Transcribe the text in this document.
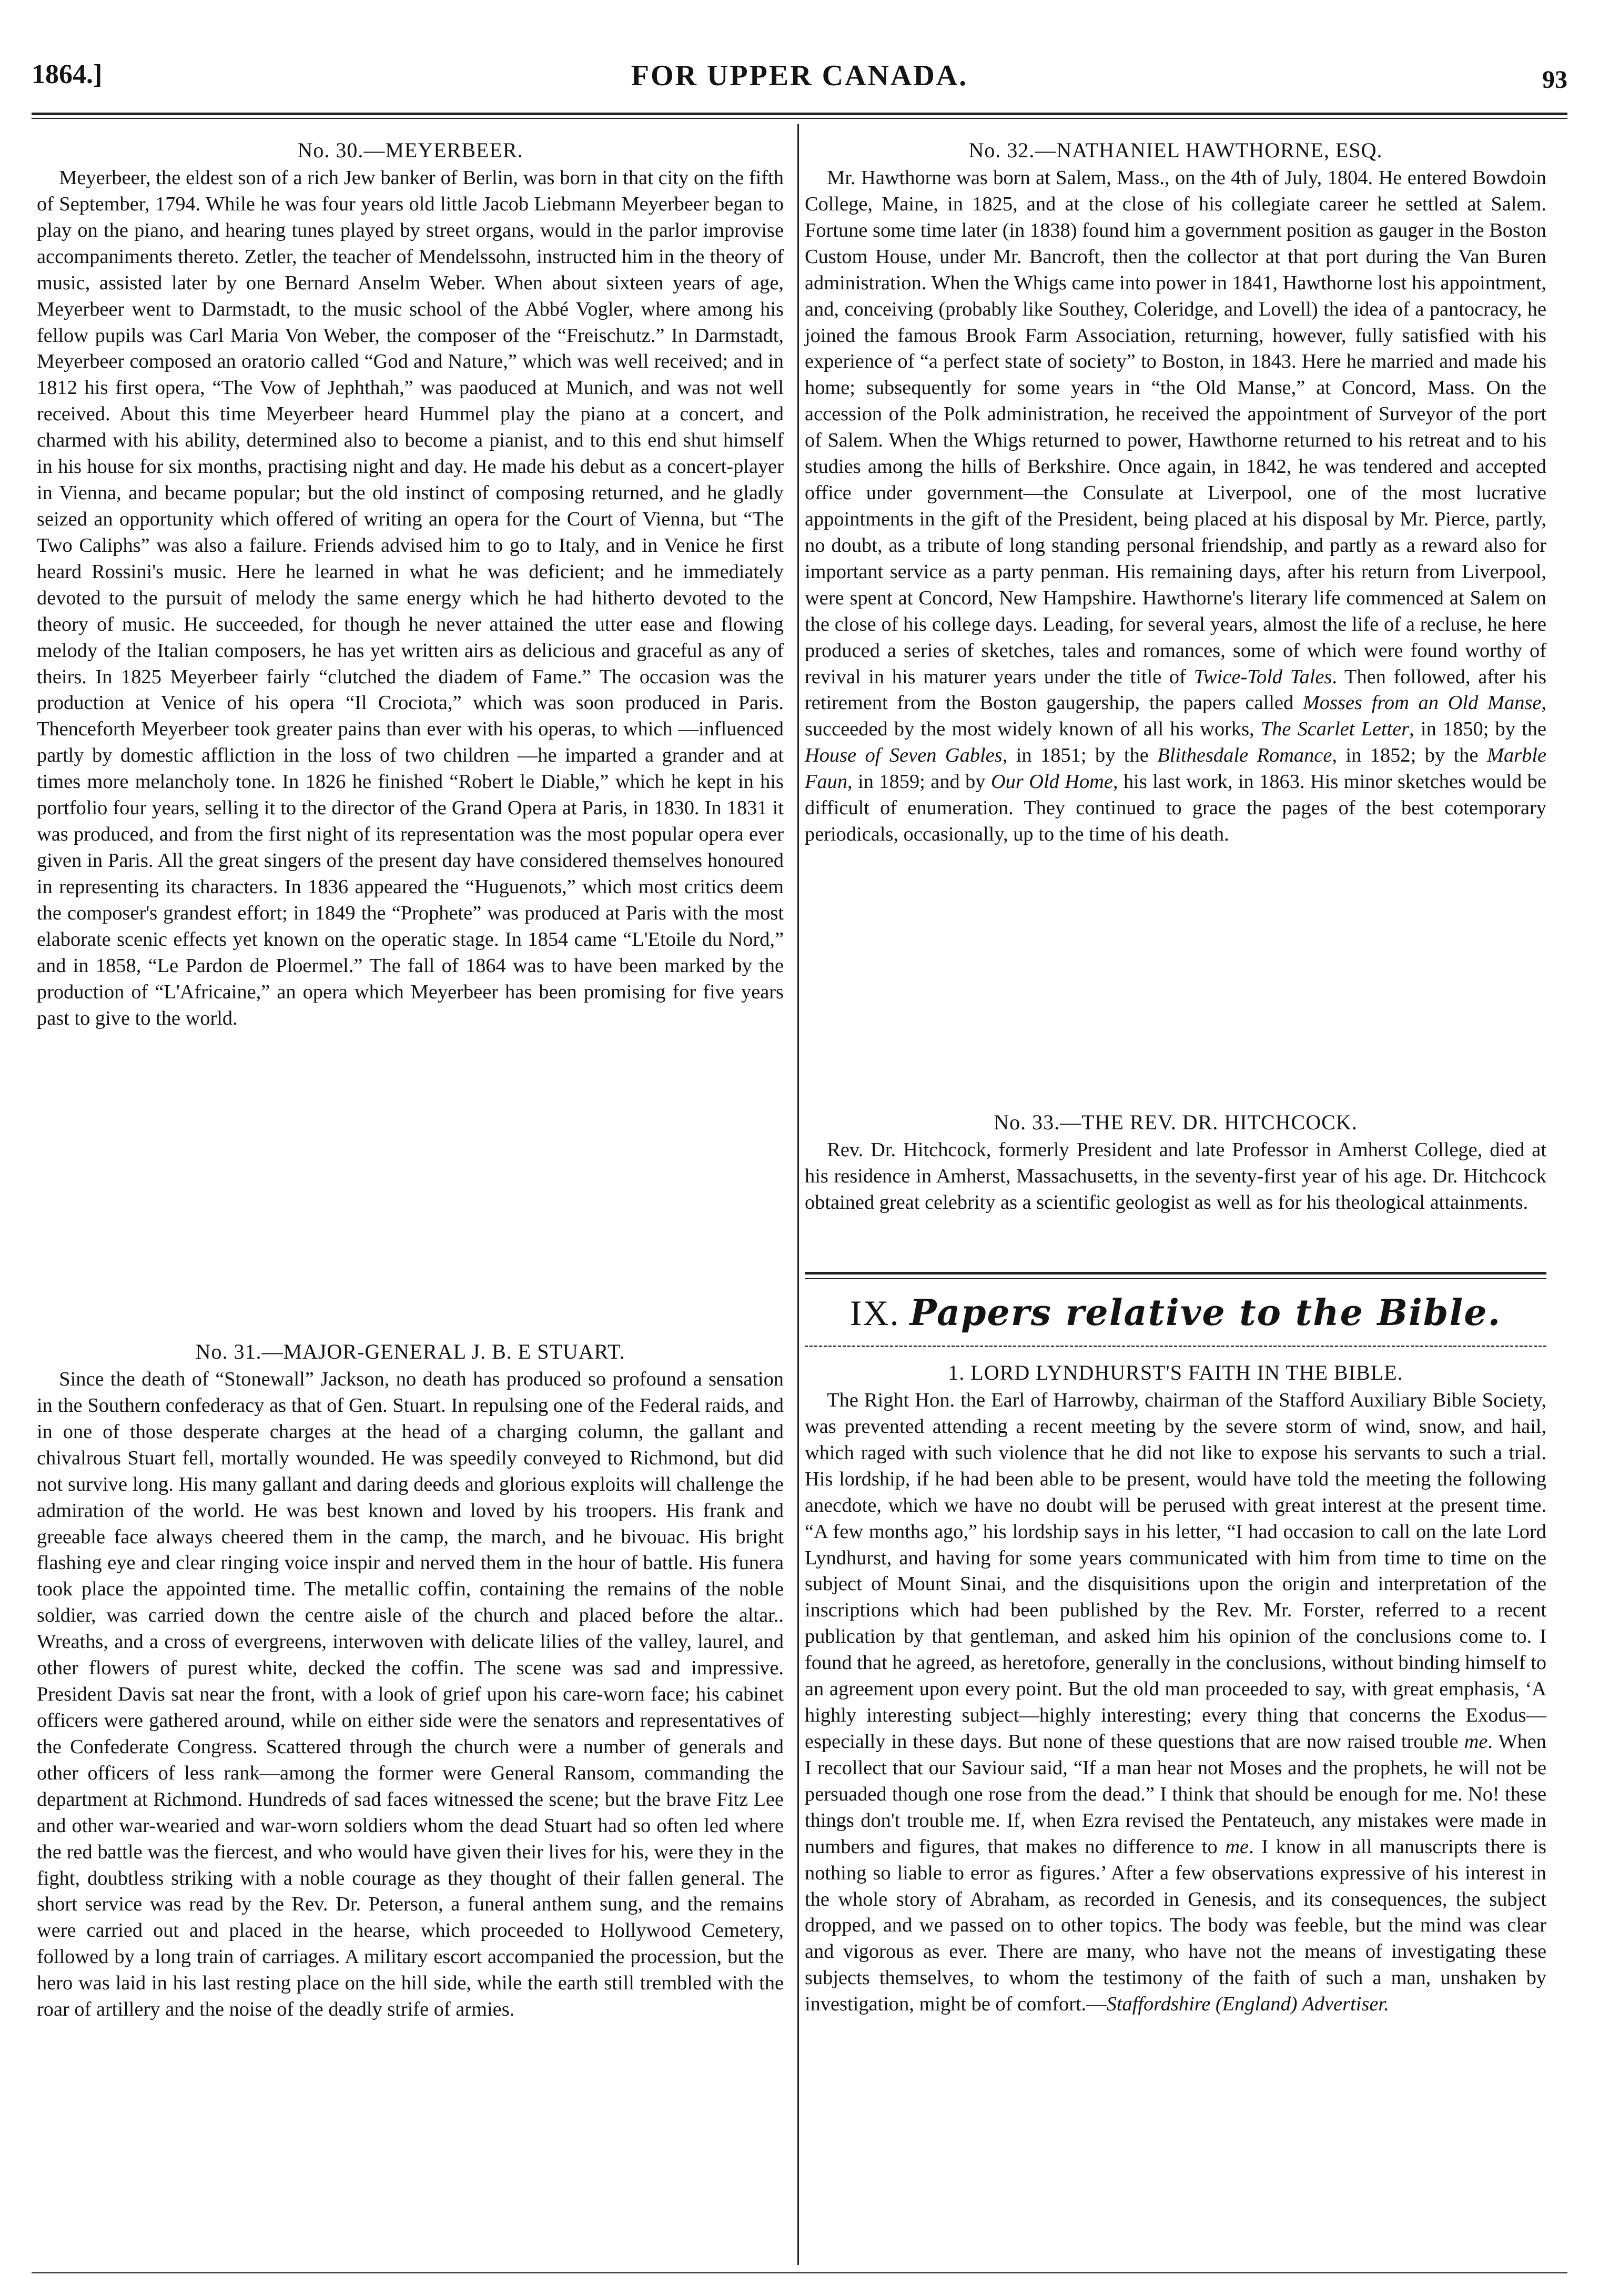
1864.]	FOR UPPER CANADA.	93
No. 30.—MEYERBEER.

Meyerbeer, the eldest son of a rich Jew banker of Berlin, was born in that city on the fifth of September, 1794. While he was four years old little Jacob Liebmann Meyerbeer began to play on the piano, and hearing tunes played by street organs, would in the parlor improvise accompaniments thereto. Zetler, the teacher of Mendelssohn, instructed him in the theory of music, assisted later by one Bernard Anselm Weber. When about sixteen years of age, Meyerbeer went to Darmstadt, to the music school of the Abbé Vogler, where among his fellow pupils was Carl Maria Von Weber, the composer of the “Freischutz.” In Darmstadt, Meyerbeer composed an oratorio called “God and Nature,” which was well received; and in 1812 his first opera, “The Vow of Jephthah,” was paoduced at Munich, and was not well received. About this time Meyerbeer heard Hummel play the piano at a concert, and charmed with his ability, determined also to become a pianist, and to this end shut himself in his house for six months, practising night and day. He made his debut as a concert-player in Vienna, and became popular; but the old instinct of composing returned, and he gladly seized an opportunity which offered of writing an opera for the Court of Vienna, but “The Two Caliphs” was also a failure. Friends advised him to go to Italy, and in Venice he first heard Rossini's music. Here he learned in what he was deficient; and he immediately devoted to the pursuit of melody the same energy which he had hitherto devoted to the theory of music. He succeeded, for though he never attained the utter ease and flowing melody of the Italian composers, he has yet written airs as delicious and graceful as any of theirs. In 1825 Meyerbeer fairly “clutched the diadem of Fame.” The occasion was the production at Venice of his opera “Il Crociota,” which was soon produced in Paris. Thenceforth Meyerbeer took greater pains than ever with his operas, to which —influenced partly by domestic affliction in the loss of two children —he imparted a grander and at times more melancholy tone. In 1826 he finished “Robert le Diable,” which he kept in his portfolio four years, selling it to the director of the Grand Opera at Paris, in 1830. In 1831 it was produced, and from the first night of its representation was the most popular opera ever given in Paris. All the great singers of the present day have considered themselves honoured in representing its characters. In 1836 appeared the “Huguenots,” which most critics deem the composer's grandest effort; in 1849 the “Prophete” was produced at Paris with the most elaborate scenic effects yet known on the operatic stage. In 1854 came “L'Etoile du Nord,” and in 1858, “Le Pardon de Ploermel.” The fall of 1864 was to have been marked by the production of “L'Africaine,” an opera which Meyerbeer has been promising for five years past to give to the world.

No. 31.—MAJOR-GENERAL J. B. E STUART.

Since the death of “Stonewall” Jackson, no death has produced so profound a sensation in the Southern confederacy as that of Gen. Stuart. In repulsing one of the Federal raids, and in one of those desperate charges at the head of a charging column, the gallant and chivalrous Stuart fell, mortally wounded. He was speedily conveyed to Richmond, but did not survive long. His many gallant and daring deeds and glorious exploits will challenge the admiration of the world. He was best known and loved by his troopers. His frank and greeable face always cheered them in the camp, the march, and he bivouac. His bright flashing eye and clear ringing voice inspir and nerved them in the hour of battle. His funera took place the appointed time. The metallic coffin, containing the remains of the noble soldier, was carried down the centre aisle of the church and placed before the altar.. Wreaths, and a cross of evergreens, interwoven with delicate lilies of the valley, laurel, and other flowers of purest white, decked the coffin. The scene was sad and impressive. President Davis sat near the front, with a look of grief upon his care-worn face; his cabinet officers were gathered around, while on either side were the senators and representatives of the Confederate Congress. Scattered through the church were a number of generals and other officers of less rank—among the former were General Ransom, commanding the department at Richmond. Hundreds of sad faces witnessed the scene; but the brave Fitz Lee and other war-wearied and war-worn soldiers whom the dead Stuart had so often led where the red battle was the fiercest, and who would have given their lives for his, were they in the fight, doubtless striking with a noble courage as they thought of their fallen general. The short service was read by the Rev. Dr. Peterson, a funeral anthem sung, and the remains were carried out and placed in the hearse, which proceeded to Hollywood Cemetery, followed by a long train of carriages. A military escort accompanied the procession, but the hero was laid in his last resting place on the hill side, while the earth still trembled with the roar of artillery and the noise of the deadly strife of armies.

No. 32.—NATHANIEL HAWTHORNE, ESQ.

Mr. Hawthorne was born at Salem, Mass., on the 4th of July, 1804. He entered Bowdoin College, Maine, in 1825, and at the close of his collegiate career he settled at Salem. Fortune some time later (in 1838) found him a government position as gauger in the Boston Custom House, under Mr. Bancroft, then the collector at that port during the Van Buren administration. When the Whigs came into power in 1841, Hawthorne lost his appointment, and, conceiving (probably like Southey, Coleridge, and Lovell) the idea of a pantocracy, he joined the famous Brook Farm Association, returning, however, fully satisfied with his experience of “a perfect state of society” to Boston, in 1843. Here he married and made his home; subsequently for some years in “the Old Manse,” at Concord, Mass. On the accession of the Polk administration, he received the appointment of Surveyor of the port of Salem. When the Whigs returned to power, Hawthorne returned to his retreat and to his studies among the hills of Berkshire. Once again, in 1842, he was tendered and accepted office under government—the Consulate at Liverpool, one of the most lucrative appointments in the gift of the President, being placed at his disposal by Mr. Pierce, partly, no doubt, as a tribute of long standing personal friendship, and partly as a reward also for important service as a party penman. His remaining days, after his return from Liverpool, were spent at Concord, New Hampshire. Hawthorne's literary life commenced at Salem on the close of his college days. Leading, for several years, almost the life of a recluse, he here produced a series of sketches, tales and romances, some of which were found worthy of revival in his maturer years under the title of Twice-Told Tales. Then followed, after his retirement from the Boston gaugership, the papers called Mosses from an Old Manse, succeeded by the most widely known of all his works, The Scarlet Letter, in 1850; by the House of Seven Gables, in 1851; by the Blithesdale Romance, in 1852; by the Marble Faun, in 1859; and by Our Old Home, his last work, in 1863. His minor sketches would be difficult of enumeration. They continued to grace the pages of the best cotemporary periodicals, occasionally, up to the time of his death.

No. 33.—THE REV. DR. HITCHCOCK.

Rev. Dr. Hitchcock, formerly President and late Professor in Amherst College, died at his residence in Amherst, Massachusetts, in the seventy-first year of his age. Dr. Hitchcock obtained great celebrity as a scientific geologist as well as for his theological attainments.

IX. Papers relative to the Bible.
1. LORD LYNDHURST'S FAITH IN THE BIBLE.

The Right Hon. the Earl of Harrowby, chairman of the Stafford Auxiliary Bible Society, was prevented attending a recent meeting by the severe storm of wind, snow, and hail, which raged with such violence that he did not like to expose his servants to such a trial. His lordship, if he had been able to be present, would have told the meeting the following anecdote, which we have no doubt will be perused with great interest at the present time. “A few months ago,” his lordship says in his letter, “I had occasion to call on the late Lord Lyndhurst, and having for some years communicated with him from time to time on the subject of Mount Sinai, and the disquisitions upon the origin and interpretation of the inscriptions which had been published by the Rev. Mr. Forster, referred to a recent publication by that gentleman, and asked him his opinion of the conclusions come to. I found that he agreed, as heretofore, generally in the conclusions, without binding himself to an agreement upon every point. But the old man proceeded to say, with great emphasis, ‘A highly interesting subject—highly interesting; every thing that concerns the Exodus—especially in these days. But none of these questions that are now raised trouble me. When I recollect that our Saviour said, “If a man hear not Moses and the prophets, he will not be persuaded though one rose from the dead.” I think that should be enough for me. No! these things don't trouble me. If, when Ezra revised the Pentateuch, any mistakes were made in numbers and figures, that makes no difference to me. I know in all manuscripts there is nothing so liable to error as figures.’ After a few observations expressive of his interest in the whole story of Abraham, as recorded in Genesis, and its consequences, the subject dropped, and we passed on to other topics. The body was feeble, but the mind was clear and vigorous as ever. There are many, who have not the means of investigating these subjects themselves, to whom the testimony of the faith of such a man, unshaken by investigation, might be of comfort.—Staffordshire (England) Advertiser.
